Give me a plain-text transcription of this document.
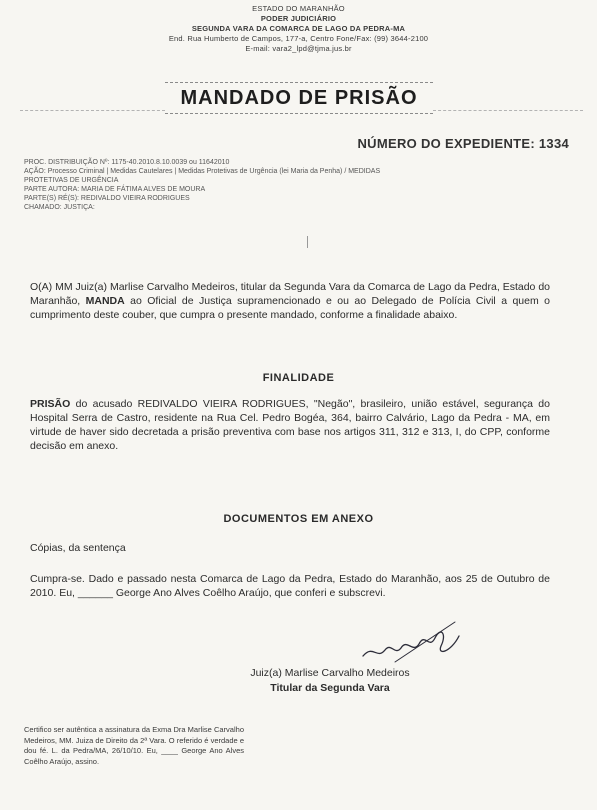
ESTADO DO MARANHÃO
PODER JUDICIÁRIO
SEGUNDA VARA DA COMARCA DE LAGO DA PEDRA-MA
End. Rua Humberto de Campos, 177-a, Centro Fone/Fax: (99) 3644-2100
E-mail: vara2_lpd@tjma.jus.br
MANDADO DE PRISÃO
NÚMERO DO EXPEDIENTE: 1334
PROC. DISTRIBUIÇÃO Nº: 1175-40.2010.8.10.0039 ou 11642010
AÇÃO: Processo Criminal | Medidas Cautelares | Medidas Protetivas de Urgência (lei Maria da Penha) / MEDIDAS
PROTETIVAS DE URGÊNCIA
PARTE AUTORA: MARIA DE FÁTIMA ALVES DE MOURA
PARTE(S) RÉ(S): REDIVALDO VIEIRA RODRIGUES
CHAMADO: JUSTIÇA:
O(A) MM Juiz(a) Marlise Carvalho Medeiros, titular da Segunda Vara da Comarca de Lago da Pedra, Estado do Maranhão, MANDA ao Oficial de Justiça supramencionado e ou ao Delegado de Polícia Civil a quem o cumprimento deste couber, que cumpra o presente mandado, conforme a finalidade abaixo.
FINALIDADE
PRISÃO do acusado REDIVALDO VIEIRA RODRIGUES, "Negão", brasileiro, união estável, segurança do Hospital Serra de Castro, residente na Rua Cel. Pedro Bogéa, 364, bairro Calvário, Lago da Pedra - MA, em virtude de haver sido decretada a prisão preventiva com base nos artigos 311, 312 e 313, I, do CPP, conforme decisão em anexo.
DOCUMENTOS EM ANEXO
Cópias, da sentença
Cumpra-se. Dado e passado nesta Comarca de Lago da Pedra, Estado do Maranhão, aos 25 de Outubro de 2010. Eu, ______ George Ano Alves Coêlho Araújo, que conferi e subscrevi.
Juiz(a) Marlise Carvalho Medeiros
Titular da Segunda Vara
Certifico ser autêntica a assinatura da Exma Dra Marlise Carvalho Medeiros, MM. Juiza de Direito da 2ª Vara. O referido é verdade e dou fé. L. da Pedra/MA, 26/10/10. Eu, ____ George Ano Alves Coêlho Araújo, assino.
